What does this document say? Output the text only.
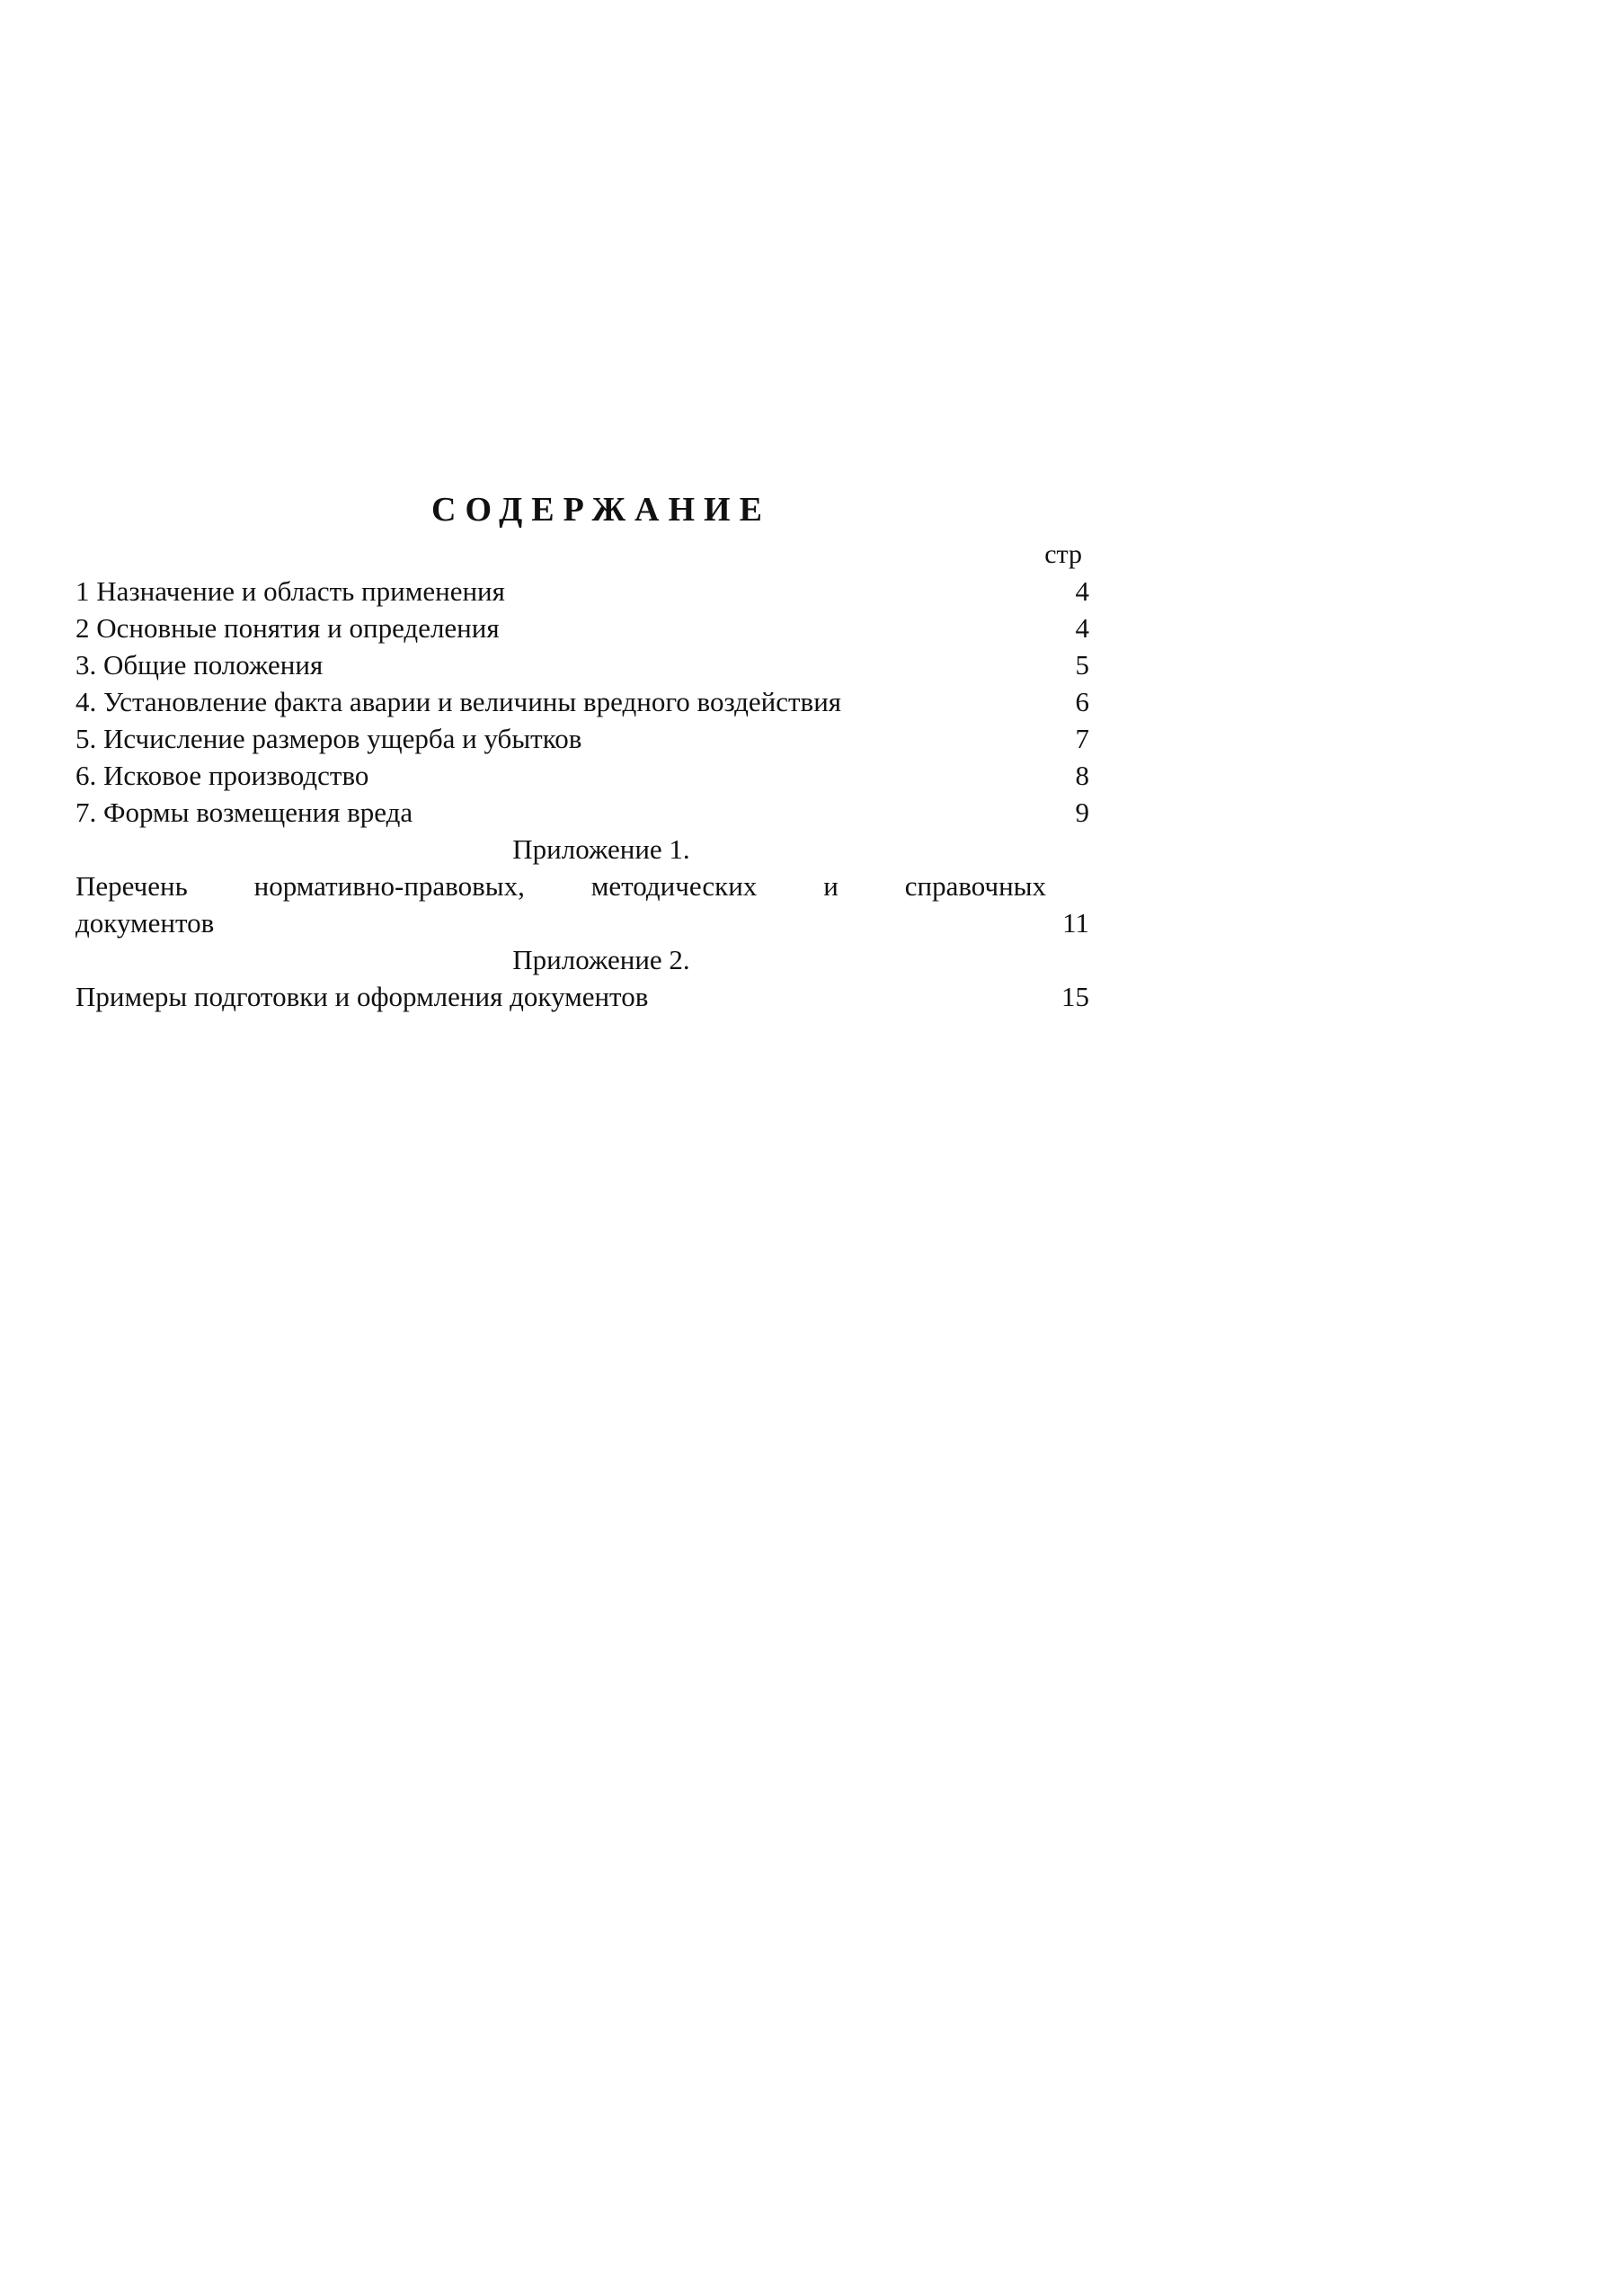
СОДЕРЖАНИЕ
стр
1 Назначение и область применения	4
2 Основные понятия и определения	4
3. Общие положения	5
4. Установление факта аварии и величины вредного воздействия	6
5. Исчисление размеров ущерба и убытков	7
6. Исковое производство	8
7. Формы возмещения вреда	9
Приложение 1.
Перечень нормативно-правовых, методических и справочных
документов	11
Приложение 2.
Примеры подготовки и оформления документов	15
